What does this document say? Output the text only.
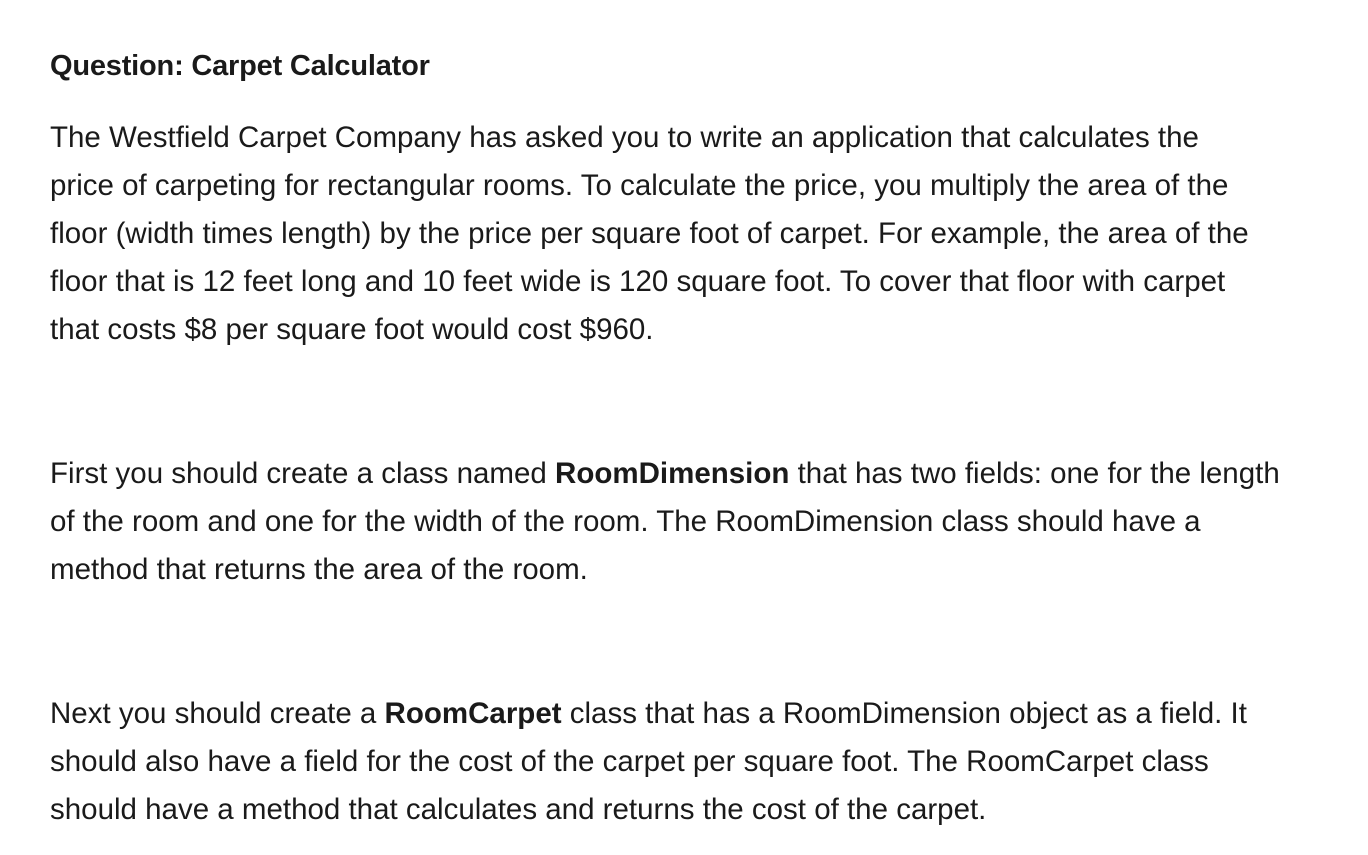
Question: Carpet Calculator

The Westfield Carpet Company has asked you to write an application that calculates the
price of carpeting for rectangular rooms. To calculate the price, you multiply the area of the
floor (width times length) by the price per square foot of carpet. For example, the area of the
floor that is 12 feet long and 10 feet wide is 120 square foot. To cover that floor with carpet
that costs $8 per square foot would cost $960.

First you should create a class named RoomDimension that has two fields: one for the length
of the room and one for the width of the room. The RoomDimension class should have a
method that returns the area of the room.

Next you should create a RoomCarpet class that has a RoomDimension object as a field. It
should also have a field for the cost of the carpet per square foot. The RoomCarpet class
should have a method that calculates and returns the cost of the carpet.
